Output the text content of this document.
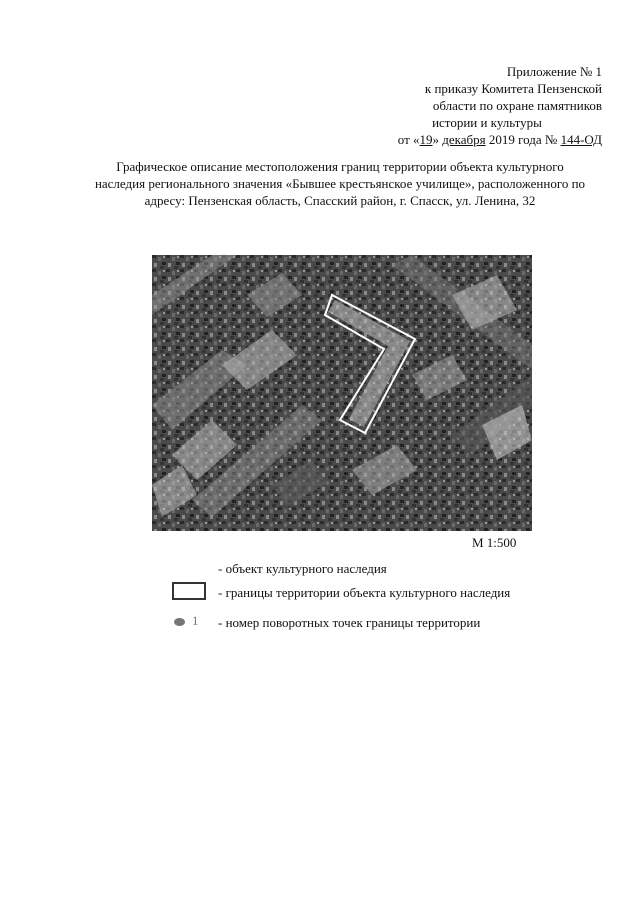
Приложение № 1
к приказу Комитета Пензенской
области по охране памятников
истории и культуры
от «19» декабря 2019 года № 144-ОД
Графическое описание местоположения границ территории объекта культурного
наследия регионального значения «Бывшее крестьянское училище», расположенного по
адресу: Пензенская область, Спасский район, г. Спасск, ул. Ленина, 32
М 1:500
- объект культурного наследия
- границы территории объекта культурного наследия
1 - номер поворотных точек границы территории
